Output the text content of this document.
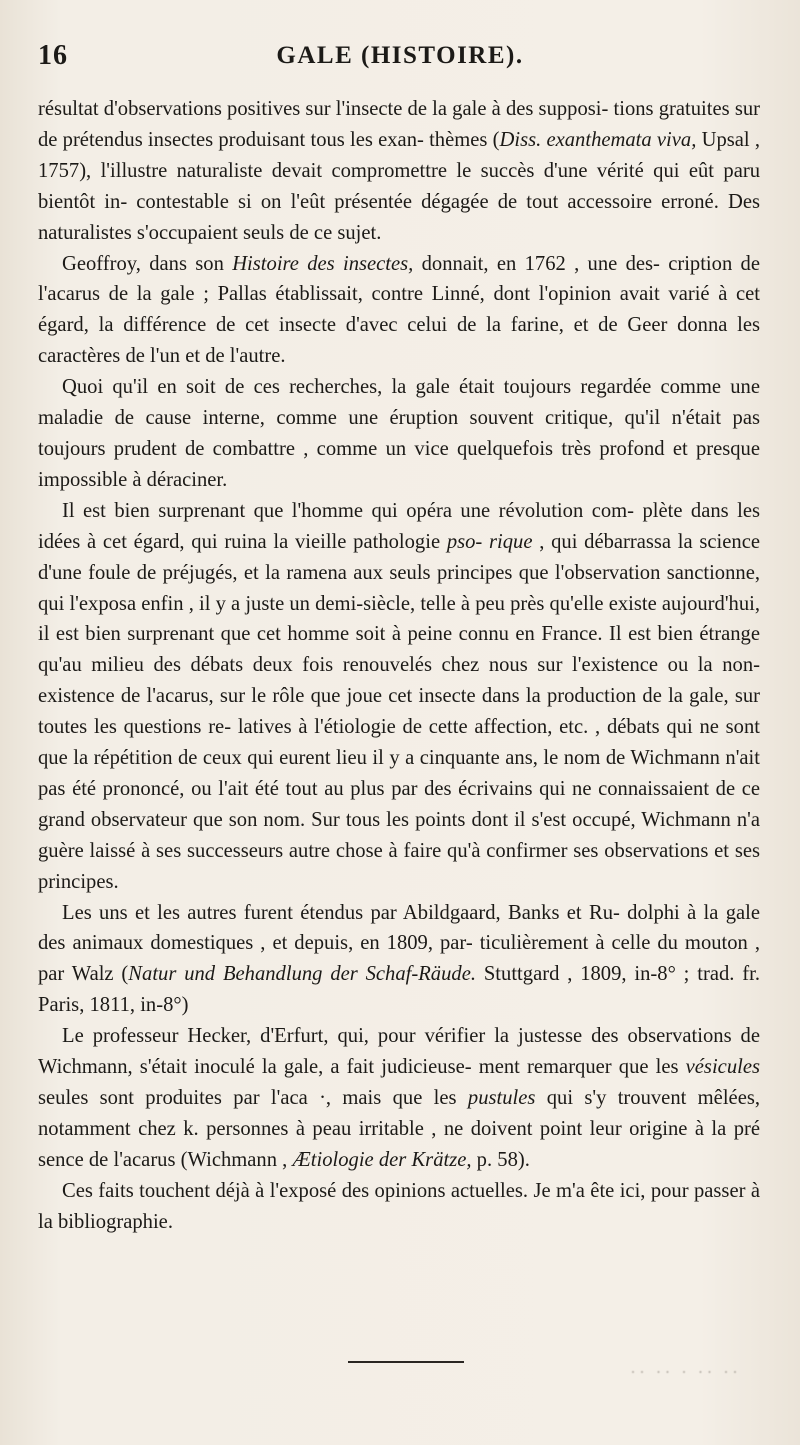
16	GALE (HISTOIRE).

résultat d'observations positives sur l'insecte de la gale à des supposi- tions gratuites sur de prétendus insectes produisant tous les exan- thèmes (Diss. exanthemata viva, Upsal , 1757), l'illustre naturaliste devait compromettre le succès d'une vérité qui eût paru bientôt in- contestable si on l'eût présentée dégagée de tout accessoire erroné. Des naturalistes s'occupaient seuls de ce sujet.

Geoffroy, dans son Histoire des insectes, donnait, en 1762 , une des- cription de l'acarus de la gale ; Pallas établissait, contre Linné, dont l'opinion avait varié à cet égard, la différence de cet insecte d'avec celui de la farine, et de Geer donna les caractères de l'un et de l'autre.

Quoi qu'il en soit de ces recherches, la gale était toujours regardée comme une maladie de cause interne, comme une éruption souvent critique, qu'il n'était pas toujours prudent de combattre , comme un vice quelquefois très profond et presque impossible à déraciner.

Il est bien surprenant que l'homme qui opéra une révolution com- plète dans les idées à cet égard, qui ruina la vieille pathologie pso- rique , qui débarrassa la science d'une foule de préjugés, et la ramena aux seuls principes que l'observation sanctionne, qui l'exposa enfin , il y a juste un demi-siècle, telle à peu près qu'elle existe aujourd'hui, il est bien surprenant que cet homme soit à peine connu en France. Il est bien étrange qu'au milieu des débats deux fois renouvelés chez nous sur l'existence ou la non-existence de l'acarus, sur le rôle que joue cet insecte dans la production de la gale, sur toutes les questions re- latives à l'étiologie de cette affection, etc. , débats qui ne sont que la répétition de ceux qui eurent lieu il y a cinquante ans, le nom de Wichmann n'ait pas été prononcé, ou l'ait été tout au plus par des écrivains qui ne connaissaient de ce grand observateur que son nom. Sur tous les points dont il s'est occupé, Wichmann n'a guère laissé à ses successeurs autre chose à faire qu'à confirmer ses observations et ses principes.

Les uns et les autres furent étendus par Abildgaard, Banks et Ru- dolphi à la gale des animaux domestiques , et depuis, en 1809, par- ticulièrement à celle du mouton , par Walz (Natur und Behandlung der Schaf-Räude. Stuttgard , 1809, in-8° ; trad. fr. Paris, 1811, in-8°)

Le professeur Hecker, d'Erfurt, qui, pour vérifier la justesse des observations de Wichmann, s'était inoculé la gale, a fait judicieuse- ment remarquer que les vésicules seules sont produites par l'aca ·, mais que les pustules qui s'y trouvent mêlées, notamment chez k. personnes à peau irritable , ne doivent point leur origine à la pré sence de l'acarus (Wichmann , Ætiologie der Krätze, p. 58).

Ces faits touchent déjà à l'exposé des opinions actuelles. Je m'a ête ici, pour passer à la bibliographie.

·· ·· · ·· ··
